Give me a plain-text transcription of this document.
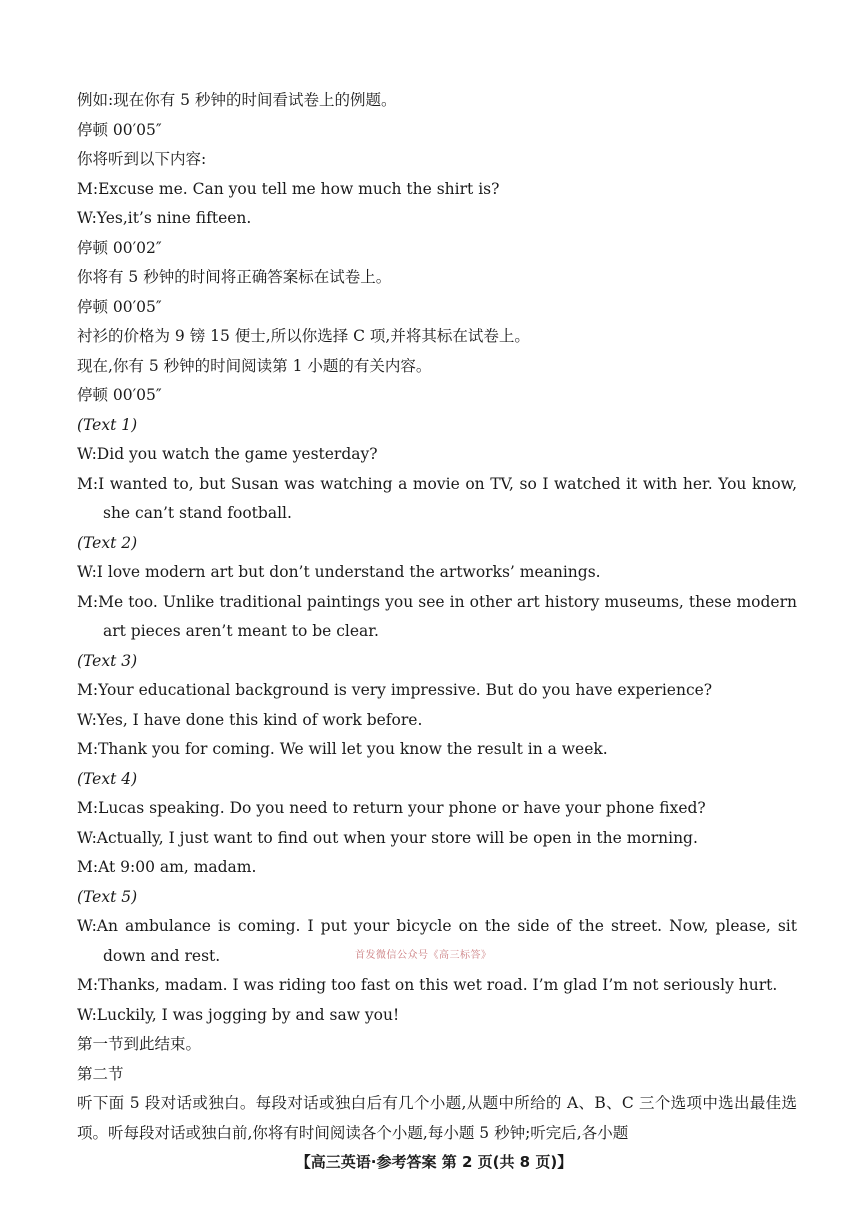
例如:现在你有 5 秒钟的时间看试卷上的例题。
停顿 00′05″
你将听到以下内容:
M:Excuse me. Can you tell me how much the shirt is?
W:Yes,it’s nine fifteen.
停顿 00′02″
你将有 5 秒钟的时间将正确答案标在试卷上。
停顿 00′05″
衬衫的价格为 9 镑 15 便士,所以你选择 C 项,并将其标在试卷上。
现在,你有 5 秒钟的时间阅读第 1 小题的有关内容。
停顿 00′05″
(Text 1)
W:Did you watch the game yesterday?
M:I wanted to, but Susan was watching a movie on TV, so I watched it with her. You know, she can’t stand football.
(Text 2)
W:I love modern art but don’t understand the artworks’ meanings.
M:Me too. Unlike traditional paintings you see in other art history museums, these modern art pieces aren’t meant to be clear.
(Text 3)
M:Your educational background is very impressive. But do you have experience?
W:Yes, I have done this kind of work before.
M:Thank you for coming. We will let you know the result in a week.
(Text 4)
M:Lucas speaking. Do you need to return your phone or have your phone fixed?
W:Actually, I just want to find out when your store will be open in the morning.
M:At 9:00 am, madam.
(Text 5)
W:An ambulance is coming. I put your bicycle on the side of the street. Now, please, sit down and rest.
M:Thanks, madam. I was riding too fast on this wet road. I’m glad I’m not seriously hurt.
W:Luckily, I was jogging by and saw you!
第一节到此结束。
第二节
听下面 5 段对话或独白。每段对话或独白后有几个小题,从题中所给的 A、B、C 三个选项中选出最佳选项。听每段对话或独白前,你将有时间阅读各个小题,每小题 5 秒钟;听完后,各小题
首发微信公众号《高三标答》
【高三英语·参考答案 第 2 页(共 8 页)】
